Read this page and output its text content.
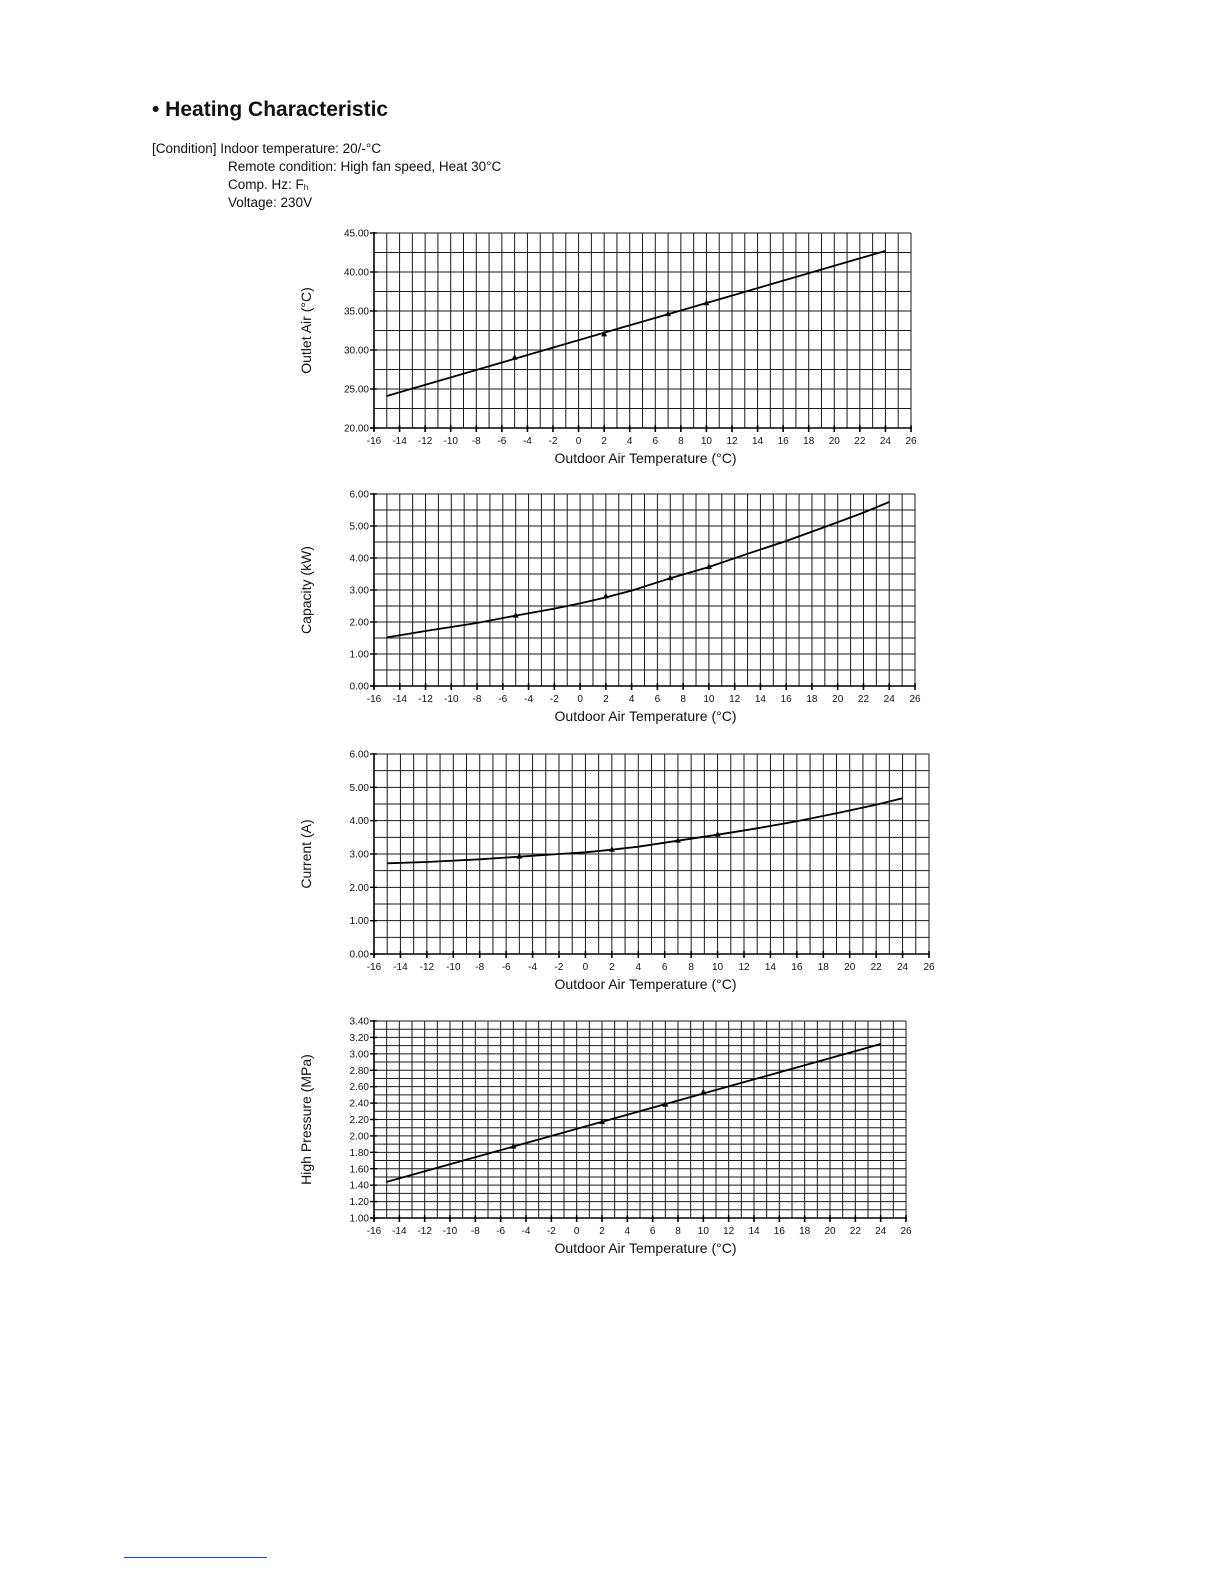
• Heating Characteristic
[Condition] Indoor temperature: 20/-°C
Remote condition: High fan speed, Heat 30°C
Comp. Hz: Fh
Voltage: 230V
-16 -14 -12 -10 -8 -6 -4 -2 0 2 4 6 8 10 12 14 16 18 20 22 24 26
20.00
25.00
30.00
35.00
40.00
45.00
Outdoor Air Temperature (°C)
Outlet Air (°C)
-16 -14 -12 -10 -8 -6 -4 -2 0 2 4 6 8 10 12 14 16 18 20 22 24 26
0.00
1.00
2.00
3.00
4.00
5.00
6.00
Outdoor Air Temperature (°C)
Capacity (kW)
-16 -14 -12 -10 -8 -6 -4 -2 0 2 4 6 8 10 12 14 16 18 20 22 24 26
0.00
1.00
2.00
3.00
4.00
5.00
6.00
Outdoor Air Temperature (°C)
Current (A)
-16 -14 -12 -10 -8 -6 -4 -2 0 2 4 6 8 10 12 14 16 18 20 22 24 26
1.00
1.20
1.40
1.60
1.80
2.00
2.20
2.40
2.60
2.80
3.00
3.20
3.40
Outdoor Air Temperature (°C)
High Pressure (MPa)
